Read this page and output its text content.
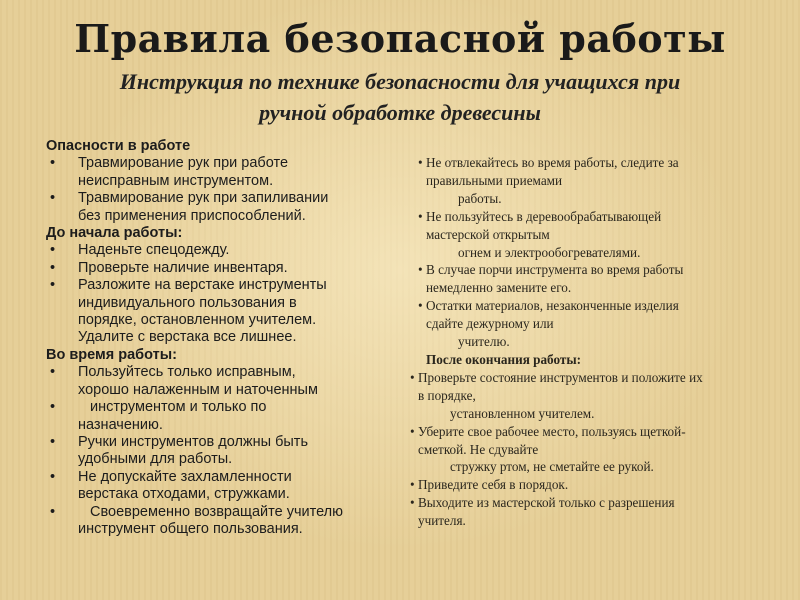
Правила безопасной работы
Инструкция по технике безопасности для учащихся при
ручной обработке древесины
Опасности в работе
• Травмирование рук при работе
неисправным инструментом.
• Травмирование рук при запиливании
без применения приспособлений.
До начала работы:
• Наденьте спецодежду.
• Проверьте наличие инвентаря.
• Разложите на верстаке инструменты
индивидуального пользования в
порядке, остановленном учителем.
Удалите с верстака все лишнее.
Во время работы:
• Пользуйтесь только исправным,
хорошо налаженным и наточенным
•	инструментом и только по
назначению.
• Ручки инструментов должны быть
удобными для работы.
• Не допускайте захламленности
верстака отходами, стружками.
•	Своевременно возвращайте учителю
инструмент общего пользования.
• Не отвлекайтесь во время работы, следите за
правильными приемами
работы.
• Не пользуйтесь в деревообрабатывающей
мастерской открытым
огнем и электрообогревателями.
• В случае порчи инструмента во время работы
немедленно замените его.
• Остатки материалов, незаконченные изделия
сдайте дежурному или
учителю.
После окончания работы:
• Проверьте состояние инструментов и положите их
в порядке,
установленном учителем.
• Уберите свое рабочее место, пользуясь щеткой-
сметкой. Не сдувайте
стружку ртом, не сметайте ее рукой.
• Приведите себя в порядок.
• Выходите из мастерской только с разрешения
учителя.
